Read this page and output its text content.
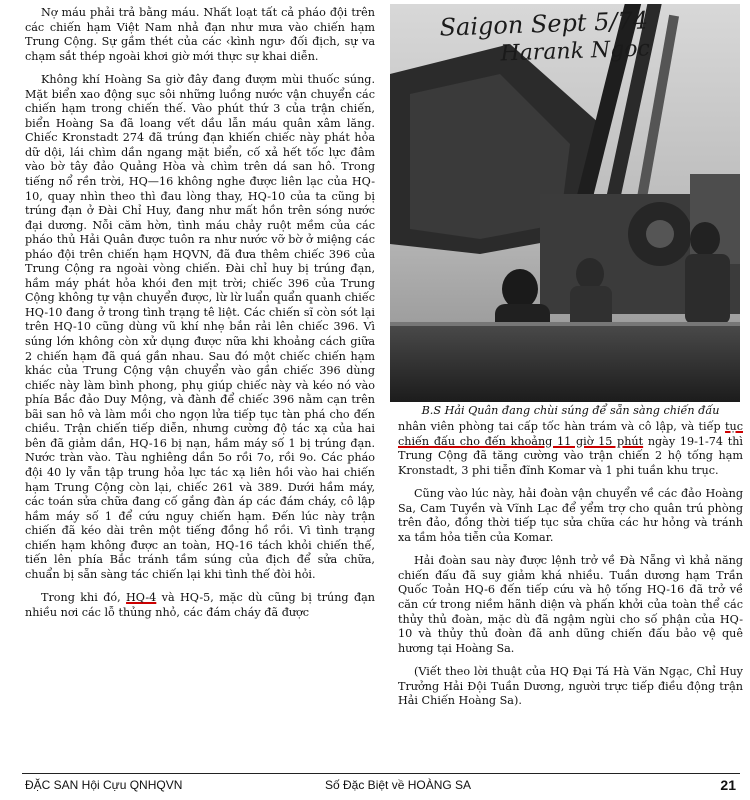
Nợ máu phải trả bằng máu. Nhất loạt tất cả pháo đội trên các chiến hạm Việt Nam nhả đạn như mưa vào chiến hạm Trung Cộng. Sự gầm thét của các ‹kình ngư› đối địch, sự va chạm sắt thép ngoài khơi giờ mới thực sự khai diễn.

Không khí Hoàng Sa giờ đây đang đượm mùi thuốc súng. Mặt biển xao động sục sôi những luồng nước vận chuyển các chiến hạm trong chiến thế. Vào phút thứ 3 của trận chiến, biển Hoàng Sa đã loang vết dầu lẫn máu quân xâm lăng. Chiếc Kronstadt 274 đã trúng đạn khiến chiếc này phát hỏa dữ dội, lái chìm dần ngang mặt biển, cố xả hết tốc lực đâm vào bờ tây đảo Quảng Hòa và chìm trên dá san hô. Trong tiếng nổ rền trời, HQ—16 không nghe được liên lạc của HQ-10, quay nhìn theo thì đau lòng thay, HQ-10 của ta cũng bị trúng đạn ở Đài Chỉ Huy, đang như mất hồn trên sóng nước đại dương. Nỗi căm hờn, tình máu chảy ruột mềm của các pháo thủ Hải Quân được tuôn ra như nước vỡ bờ ở miệng các pháo đội trên chiến hạm HQVN, đã đưa thêm chiếc 396 của Trung Cộng ra ngoài vòng chiến. Đài chỉ huy bị trúng đạn, hầm máy phát hỏa khói đen mịt trời; chiếc 396 của Trung Cộng không tự vận chuyển được, lừ lừ luẩn quẩn quanh chiếc HQ-10 đang ở trong tình trạng tê liệt. Các chiến sĩ còn sót lại trên HQ-10 cũng dùng vũ khí nhẹ bắn rải lên chiếc 396. Vì súng lớn không còn xử dụng được nữa khi khoảng cách giữa 2 chiến hạm đã quá gần nhau. Sau đó một chiếc chiến hạm khác của Trung Cộng vận chuyển vào gần chiếc 396 dùng chiếc này làm bình phong, phụ giúp chiếc này và kéo nó vào phía Bắc đảo Duy Mộng, và đành để chiếc 396 nằm cạn trên bãi san hô và làm mồi cho ngọn lửa tiếp tục tàn phá cho đến chiều. Trận chiến tiếp diễn, nhưng cường độ tác xạ của hai bên đã giảm dần, HQ-16 bị nạn, hầm máy số 1 bị trúng đạn. Nước tràn vào. Tàu nghiêng dần 5o rồi 7o, rồi 9o. Các pháo đội 40 ly vẫn tập trung hỏa lực tác xạ liên hồi vào hai chiến hạm Trung Cộng còn lại, chiếc 261 và 389. Dưới hầm máy, các toán sửa chữa đang cố gắng đàn áp các đám cháy, cô lập hầm máy số 1 để cứu nguy chiến hạm. Đến lúc này trận chiến đã kéo dài trên một tiếng đồng hồ rồi. Vì tình trạng chiến hạm không được an toàn, HQ-16 tách khỏi chiến thế, tiến lên phía Bắc tránh tầm súng của địch để sửa chữa, chuẩn bị sẵn sàng tác chiến lại khi tình thế đòi hỏi.

Trong khi đó, HQ-4 và HQ-5, mặc dù cũng bị trúng đạn nhiều nơi các lỗ thủng nhỏ, các đám cháy đã được

Saigon Sept 5/74
Harank Ngoc
B.S Hải Quân đang chùi súng để sẵn sàng chiến đấu

nhân viên phòng tai cấp tốc hàn trám và cô lập, và tiếp tục chiến đấu cho đến khoảng 11 giờ 15 phút ngày 19-1-74 thì Trung Cộng đã tăng cường vào trận chiến 2 hộ tống hạm Kronstadt, 3 phi tiễn đĩnh Komar và 1 phi tuần khu trục.

Cũng vào lúc này, hải đoàn vận chuyển về các đảo Hoàng Sa, Cam Tuyền và Vĩnh Lạc để yểm trợ cho quân trú phòng trên đảo, đồng thời tiếp tục sửa chữa các hư hỏng và tránh xa tầm hỏa tiễn của Komar.

Hải đoàn sau này được lệnh trở về Đà Nẵng vì khả năng chiến đấu đã suy giảm khá nhiều. Tuần dương hạm Trần Quốc Toản HQ-6 đến tiếp cứu và hộ tống HQ-16 đã trở về căn cứ trong niềm hãnh diện và phấn khởi của toàn thể các thủy thủ đoàn, mặc dù đã ngậm ngùi cho số phận của HQ-10 và thủy thủ đoàn đã anh dũng chiến đấu bảo vệ quê hương tại Hoàng Sa.

(Viết theo lời thuật của HQ Đại Tá Hà Văn Ngạc, Chỉ Huy Trưởng Hải Đội Tuần Dương, người trực tiếp điều động trận Hải Chiến Hoàng Sa).

ĐẶC SAN Hội Cựu QNHQVN	Số Đặc Biệt về HOÀNG SA	21
